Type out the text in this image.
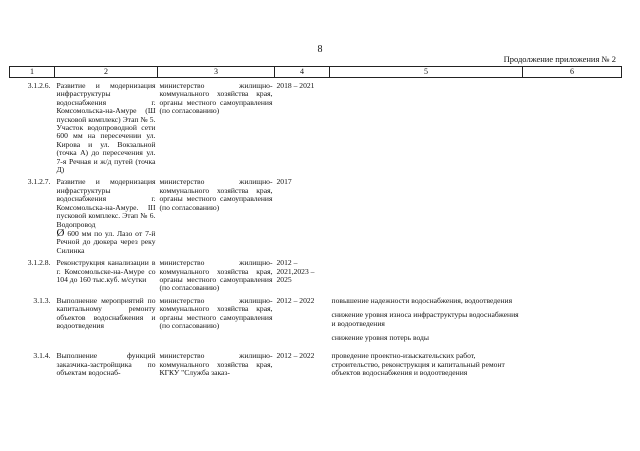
8
Продолжение приложения № 2
1	2	3	4	5	6
3.1.2.6.	Развитие и модернизация инфраструктуры водоснабжения г. Комсомольска-на-Амуре (Ш пусковой комплекс) Этап № 5. Участок водопроводной сети 600 мм на пересечении ул. Кирова и ул. Вокзальной (точка А) до пересечения ул. 7-я Речная и ж/д путей (точка Д)	министерство жилищно-коммунального хозяйства края, органы местного самоуправления (по согласованию)	2018 – 2021		
3.1.2.7.	Развитие и модернизация инфраструктуры водоснабжения г. Комсомольска-на-Амуре. III пусковой комплекс. Этап № 6. Водопровод
Ø 600 мм по ул. Лазо от 7-й Речной до дюкера через реку Силинка	министерство жилищно-коммунального хозяйства края, органы местного самоуправления (по согласованию)	2017		
3.1.2.8.	Реконструкция канализации в г. Комсомольске-на-Амуре со 104 до 160 тыс.куб. м/сутки	министерство жилищно-коммунального хозяйства края, органы местного самоуправления (по согласованию)	2012 – 2021,2023 – 2025		
3.1.3.	Выполнение мероприятий по капитальному ремонту объектов водоснабжения и водоотведения	министерство жилищно-коммунального хозяйства края, органы местного самоуправления (по согласованию)	2012 – 2022	повышение надежности водоснабжения, водоотведения
снижение уровня износа инфраструктуры водоснабжения и водоотведения
снижение уровня потерь воды	

3.1.4.	Выполнение функций заказчика-застройщика по объектам водоснаб-	министерство жилищно-коммунального хозяйства края, КГКУ "Служба заказ-	2012 – 2022	проведение проектно-изыскательских работ, строительство, реконструкция и капитальный ремонт объектов водоснабжения и водоотведения	
